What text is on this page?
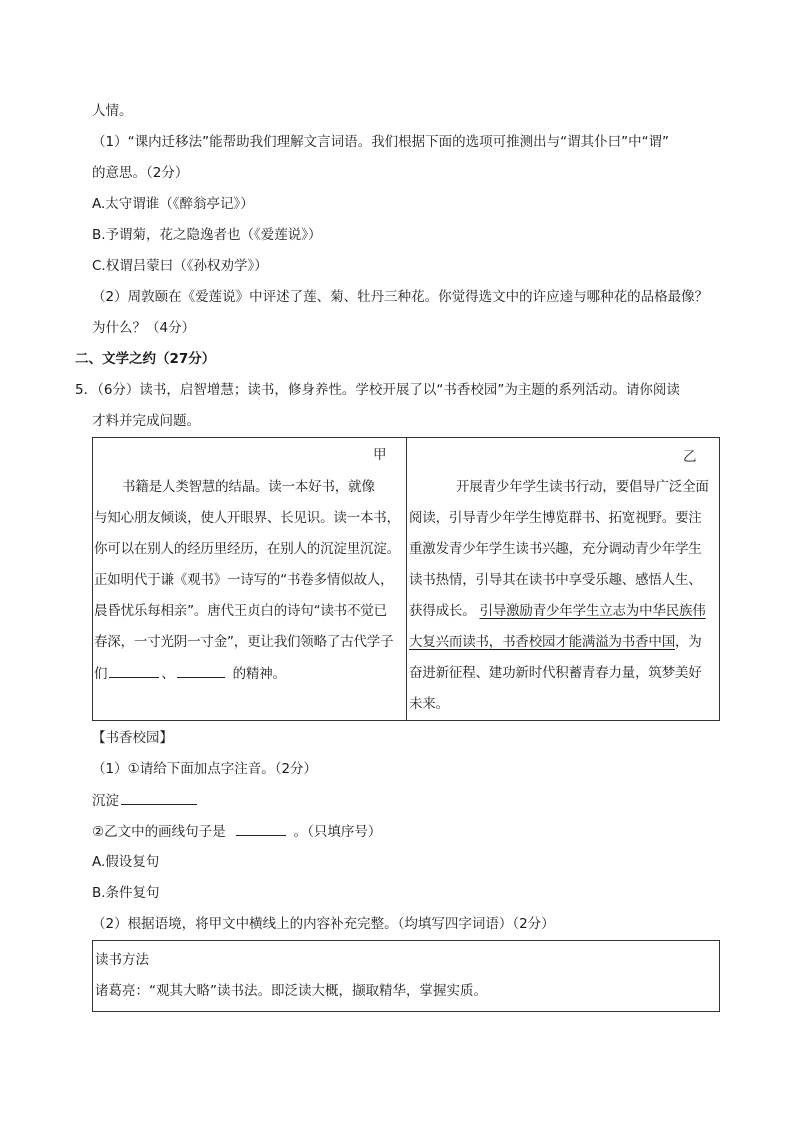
人情。
（1）“课内迁移法”能帮助我们理解文言词语。我们根据下面的选项可推测出与“谓其仆曰”中“谓”
的意思。（2分）
A.太守谓谁（《醉翁亭记》）
B.予谓菊，花之隐逸者也（《爱莲说》）
C.权谓吕蒙曰（《孙权劝学》）
（2）周敦颐在《爱莲说》中评述了莲、菊、牡丹三种花。你觉得选文中的许应逵与哪种花的品格最像？
为什么？（4分）
二、文学之约（27分）
5．（6分）读书，启智增慧；读书，修身养性。学校开展了以“书香校园”为主题的系列活动。请你阅读
才料并完成问题。
甲	乙
书籍是人类智慧的结晶。读一本好书，就像
与知心朋友倾谈，使人开眼界、长见识。读一本书，
你可以在别人的经历里经历，在别人的沉淀里沉淀。
正如明代于谦《观书》一诗写的“书卷多情似故人，
晨昏忧乐每相亲”。唐代王贞白的诗句“读书不觉已
春深，一寸光阴一寸金”，更让我们领略了古代学子
们	、	的精神。
开展青少年学生读书行动，要倡导广泛全面
阅读，引导青少年学生博览群书、拓宽视野。要注
重激发青少年学生读书兴趣，充分调动青少年学生
读书热情，引导其在读书中享受乐趣、感悟人生、
获得成长。 引导激励青少年学生立志为中华民族伟
大复兴而读书，书香校园才能满溢为书香中国，为
奋进新征程、建功新时代积蓄青春力量，筑梦美好
未来。
【书香校园】
（1）①请给下面加点字注音。（2分）
沉淀
②乙文中的画线句子是	。（只填序号）
A.假设复句
B.条件复句
（2）根据语境，将甲文中横线上的内容补充完整。（均填写四字词语）（2分）
读书方法
诸葛亮：“观其大略”读书法。即泛读大概，撷取精华，掌握实质。
